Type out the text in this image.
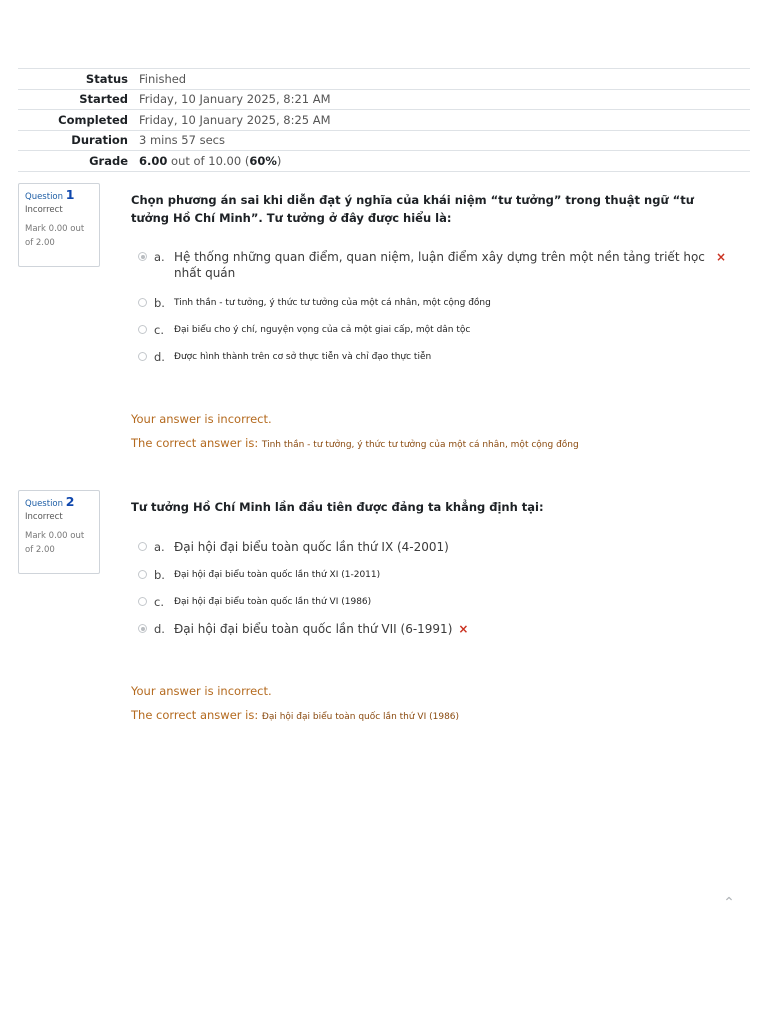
Status Finished
Started Friday, 10 January 2025, 8:21 AM
Completed Friday, 10 January 2025, 8:25 AM
Duration 3 mins 57 secs
Grade 6.00 out of 10.00 (60%)
Question 1
Incorrect
Mark 0.00 out of 2.00
Chọn phương án sai khi diễn đạt ý nghĩa của khái niệm “tư tưởng” trong thuật ngữ “tư tưởng Hồ Chí Minh”. Tư tưởng ở đây được hiểu là:
a. Hệ thống những quan điểm, quan niệm, luận điểm xây dựng trên một nền tảng triết học nhất quán
×
b.	Tinh thần - tư tưởng, ý thức tư tưởng của một cá nhân, một cộng đồng
c.	Đại biểu cho ý chí, nguyện vọng của cả một giai cấp, một dân tộc
d.	Được hình thành trên cơ sở thực tiễn và chỉ đạo thực tiễn
Your answer is incorrect.
The correct answer is: Tinh thần - tư tưởng, ý thức tư tưởng của một cá nhân, một cộng đồng
Question 2
Incorrect
Mark 0.00 out of 2.00
Tư tưởng Hồ Chí Minh lần đầu tiên được đảng ta khẳng định tại:
a. Đại hội đại biểu toàn quốc lần thứ IX (4-2001)
b.	Đại hội đại biểu toàn quốc lần thứ XI (1-2011)
c.	Đại hội đại biểu toàn quốc lần thứ VI (1986)
d. Đại hội đại biểu toàn quốc lần thứ VII (6-1991) ×
Your answer is incorrect.
The correct answer is: Đại hội đại biểu toàn quốc lần thứ VI (1986)
⌃
